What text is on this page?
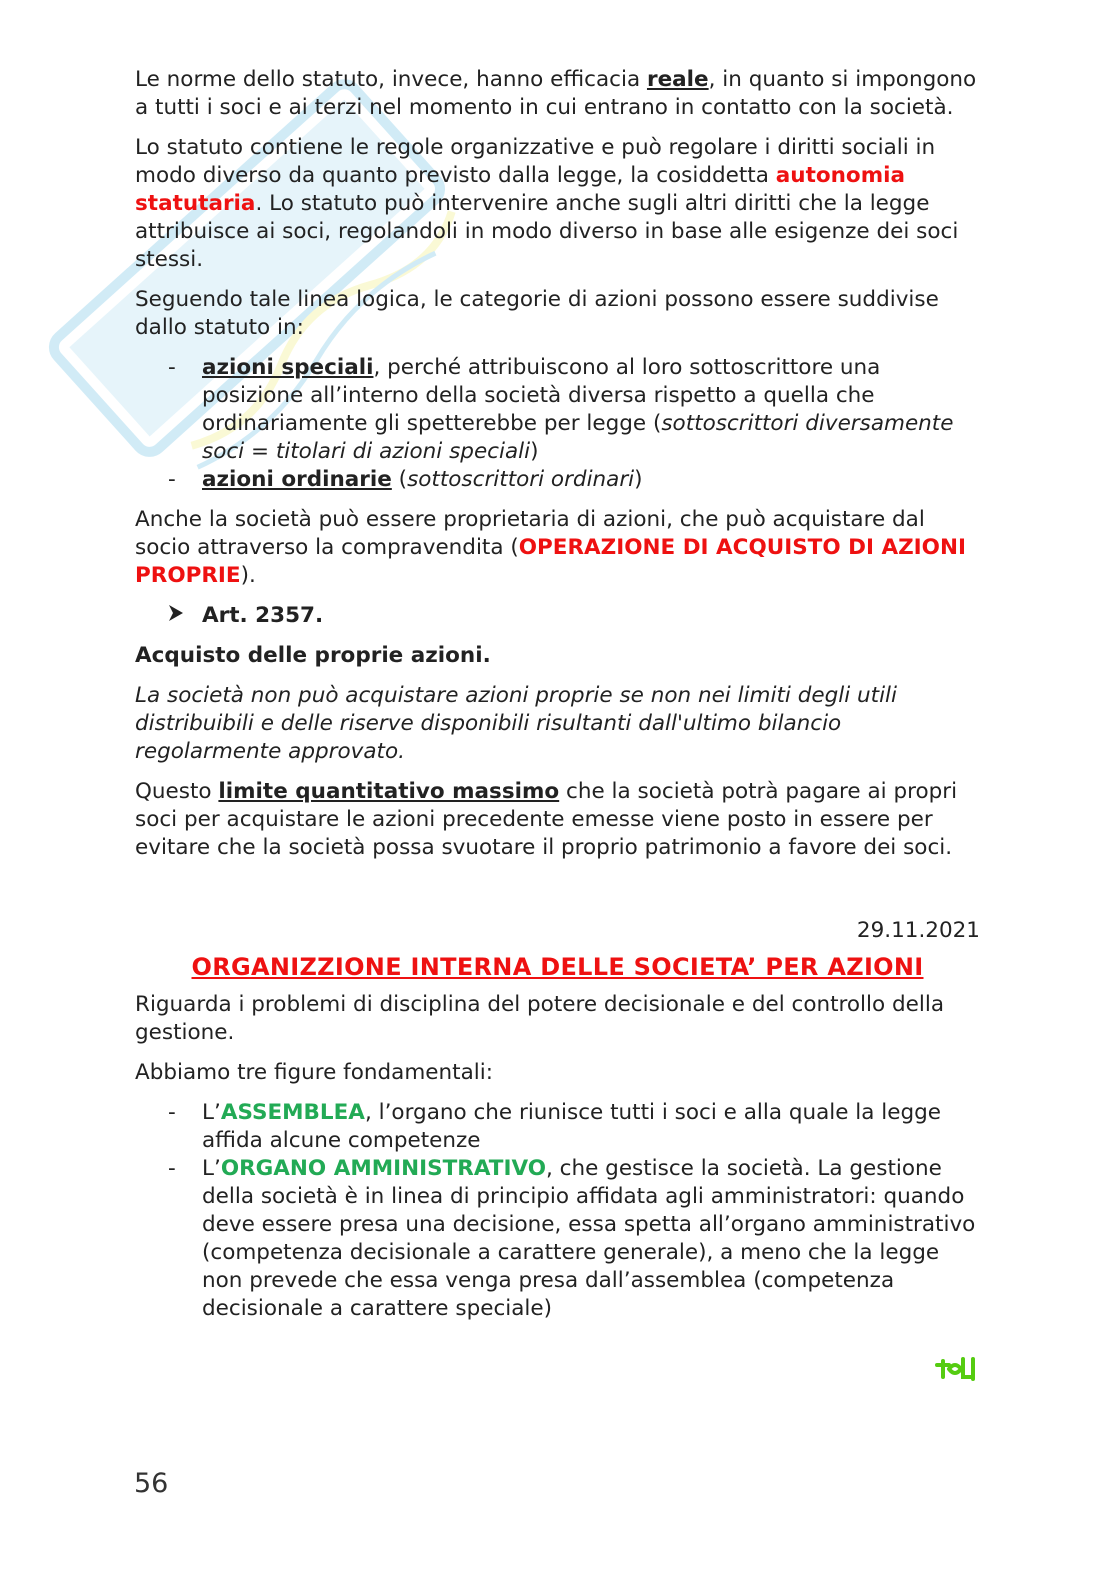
Le norme dello statuto, invece, hanno efficacia reale, in quanto si impongono a tutti i soci e ai terzi nel momento in cui entrano in contatto con la società.

Lo statuto contiene le regole organizzative e può regolare i diritti sociali in modo diverso da quanto previsto dalla legge, la cosiddetta autonomia statutaria. Lo statuto può intervenire anche sugli altri diritti che la legge attribuisce ai soci, regolandoli in modo diverso in base alle esigenze dei soci stessi.

Seguendo tale linea logica, le categorie di azioni possono essere suddivise dallo statuto in:

- azioni speciali, perché attribuiscono al loro sottoscrittore una posizione all’interno della società diversa rispetto a quella che ordinariamente gli spetterebbe per legge (sottoscrittori diversamente soci = titolari di azioni speciali)
- azioni ordinarie (sottoscrittori ordinari)

Anche la società può essere proprietaria di azioni, che può acquistare dal socio attraverso la compravendita (OPERAZIONE DI ACQUISTO DI AZIONI PROPRIE).

Art. 2357.

Acquisto delle proprie azioni.

La società non può acquistare azioni proprie se non nei limiti degli utili distribuibili e delle riserve disponibili risultanti dall'ultimo bilancio regolarmente approvato.

Questo limite quantitativo massimo che la società potrà pagare ai propri soci per acquistare le azioni precedente emesse viene posto in essere per evitare che la società possa svuotare il proprio patrimonio a favore dei soci.

29.11.2021
ORGANIZZIONE INTERNA DELLE SOCIETA’ PER AZIONI

Riguarda i problemi di disciplina del potere decisionale e del controllo della gestione.

Abbiamo tre figure fondamentali:

- L’ASSEMBLEA, l’organo che riunisce tutti i soci e alla quale la legge affida alcune competenze
- L’ORGANO AMMINISTRATIVO, che gestisce la società. La gestione della società è in linea di principio affidata agli amministratori: quando deve essere presa una decisione, essa spetta all’organo amministrativo (competenza decisionale a carattere generale), a meno che la legge non prevede che essa venga presa dall’assemblea (competenza decisionale a carattere speciale)
56
